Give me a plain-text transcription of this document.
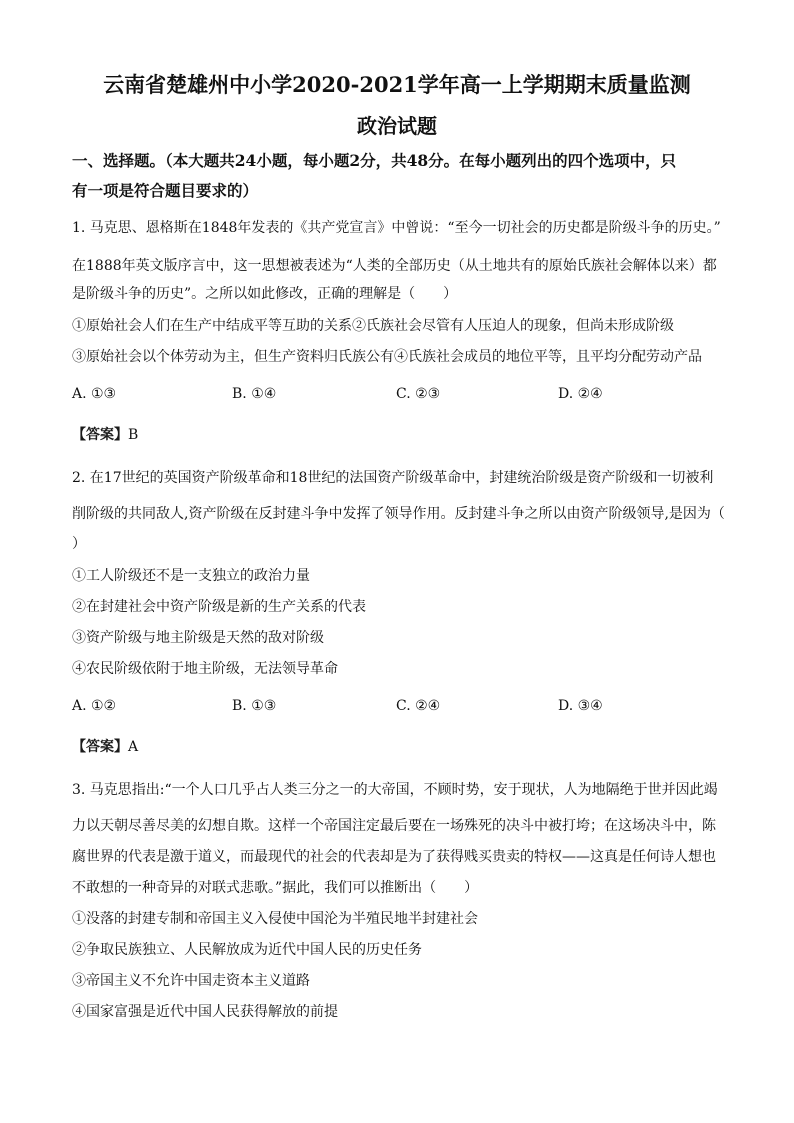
云南省楚雄州中小学2020-2021学年高一上学期期末质量监测
政治试题
一、选择题。（本大题共24小题，每小题2分，共48分。在每小题列出的四个选项中，只
有一项是符合题目要求的）
1. 马克思、恩格斯在1848年发表的《共产党宣言》中曾说：“至今一切社会的历史都是阶级斗争的历史。”
在1888年英文版序言中，这一思想被表述为“人类的全部历史（从土地共有的原始氏族社会解体以来）都
是阶级斗争的历史”。之所以如此修改，正确的理解是（　　）
①原始社会人们在生产中结成平等互助的关系②氏族社会尽管有人压迫人的现象，但尚未形成阶级
③原始社会以个体劳动为主，但生产资料归氏族公有④氏族社会成员的地位平等，且平均分配劳动产品
A. ①③	B. ①④	C. ②③	D. ②④
【答案】B
2. 在17世纪的英国资产阶级革命和18世纪的法国资产阶级革命中，封建统治阶级是资产阶级和一切被利
削阶级的共同敌人,资产阶级在反封建斗争中发挥了领导作用。反封建斗争之所以由资产阶级领导,是因为（
）
①工人阶级还不是一支独立的政治力量
②在封建社会中资产阶级是新的生产关系的代表
③资产阶级与地主阶级是天然的敌对阶级
④农民阶级依附于地主阶级，无法领导革命
A. ①②	B. ①③	C. ②④	D. ③④
【答案】A
3. 马克思指出:“一个人口几乎占人类三分之一的大帝国，不顾时势，安于现状，人为地隔绝于世并因此竭
力以天朝尽善尽美的幻想自欺。这样一个帝国注定最后要在一场殊死的决斗中被打垮；在这场决斗中，陈
腐世界的代表是激于道义，而最现代的社会的代表却是为了获得贱买贵卖的特权——这真是任何诗人想也
不敢想的一种奇异的对联式悲歌。”据此，我们可以推断出（　　）
①没落的封建专制和帝国主义入侵使中国沦为半殖民地半封建社会
②争取民族独立、人民解放成为近代中国人民的历史任务
③帝国主义不允许中国走资本主义道路
④国家富强是近代中国人民获得解放的前提
